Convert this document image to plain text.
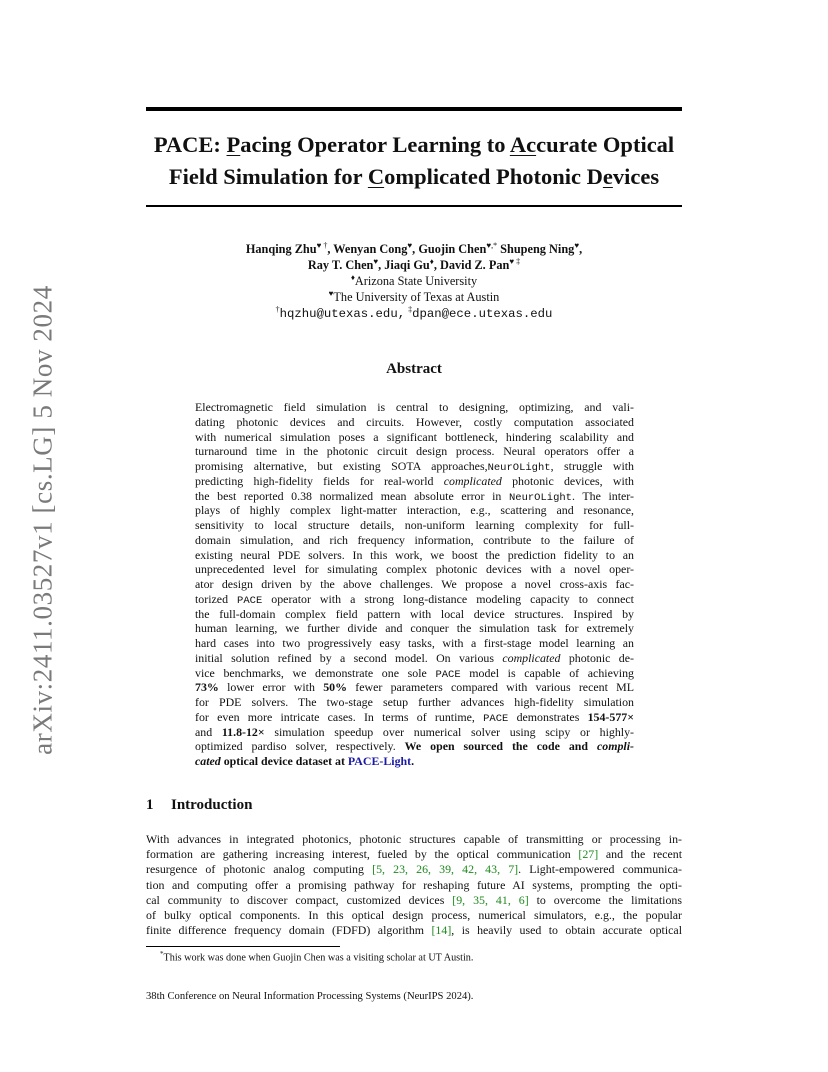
arXiv:2411.03527v1 [cs.LG] 5 Nov 2024
PACE: Pacing Operator Learning to Accurate Optical
Field Simulation for Complicated Photonic Devices
Hanqing Zhu♥ †, Wenyan Cong♥, Guojin Chen♥,* Shupeng Ning♥,
Ray T. Chen♥, Jiaqi Gu♦, David Z. Pan♥ ‡
♦Arizona State University
♥The University of Texas at Austin
†hqzhu@utexas.edu, ‡dpan@ece.utexas.edu
Abstract
Electromagnetic field simulation is central to designing, optimizing, and vali-
dating photonic devices and circuits. However, costly computation associated
with numerical simulation poses a significant bottleneck, hindering scalability and
turnaround time in the photonic circuit design process. Neural operators offer a
promising alternative, but existing SOTA approaches,NeurOLight, struggle with
predicting high-fidelity fields for real-world complicated photonic devices, with
the best reported 0.38 normalized mean absolute error in NeurOLight. The inter-
plays of highly complex light-matter interaction, e.g., scattering and resonance,
sensitivity to local structure details, non-uniform learning complexity for full-
domain simulation, and rich frequency information, contribute to the failure of
existing neural PDE solvers. In this work, we boost the prediction fidelity to an
unprecedented level for simulating complex photonic devices with a novel oper-
ator design driven by the above challenges. We propose a novel cross-axis fac-
torized PACE operator with a strong long-distance modeling capacity to connect
the full-domain complex field pattern with local device structures. Inspired by
human learning, we further divide and conquer the simulation task for extremely
hard cases into two progressively easy tasks, with a first-stage model learning an
initial solution refined by a second model. On various complicated photonic de-
vice benchmarks, we demonstrate one sole PACE model is capable of achieving
73% lower error with 50% fewer parameters compared with various recent ML
for PDE solvers. The two-stage setup further advances high-fidelity simulation
for even more intricate cases. In terms of runtime, PACE demonstrates 154-577×
and 11.8-12× simulation speedup over numerical solver using scipy or highly-
optimized pardiso solver, respectively. We open sourced the code and compli-
cated optical device dataset at PACE-Light.
1 Introduction
With advances in integrated photonics, photonic structures capable of transmitting or processing in-
formation are gathering increasing interest, fueled by the optical communication [27] and the recent
resurgence of photonic analog computing [5, 23, 26, 39, 42, 43, 7]. Light-empowered communica-
tion and computing offer a promising pathway for reshaping future AI systems, prompting the opti-
cal community to discover compact, customized devices [9, 35, 41, 6] to overcome the limitations
of bulky optical components. In this optical design process, numerical simulators, e.g., the popular
finite difference frequency domain (FDFD) algorithm [14], is heavily used to obtain accurate optical
*This work was done when Guojin Chen was a visiting scholar at UT Austin.
38th Conference on Neural Information Processing Systems (NeurIPS 2024).
